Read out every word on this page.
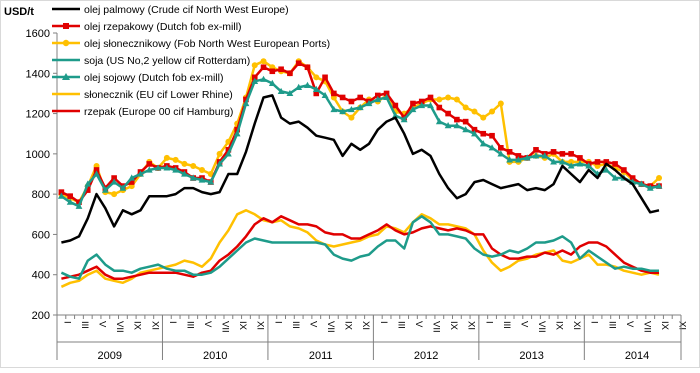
USD/t
200
400
600
800
1000
1200
1400
1600
I III V VII IX XI I III V VII IX XI I III V VII IX XI I III V VII IX XI I III V VII IX XI I III V VII IX XI
2009	2010	2011	2012	2013	2014
olej palmowy (Crude cif North West Europe)
olej rzepakowy (Dutch fob ex-mill)
olej słonecznikowy (Fob North West European Ports)
soja (US No,2 yellow cif Rotterdam)
olej sojowy (Dutch fob ex-mill)
słonecznik (EU cif Lower Rhine)
rzepak (Europe 00 cif Hamburg)
